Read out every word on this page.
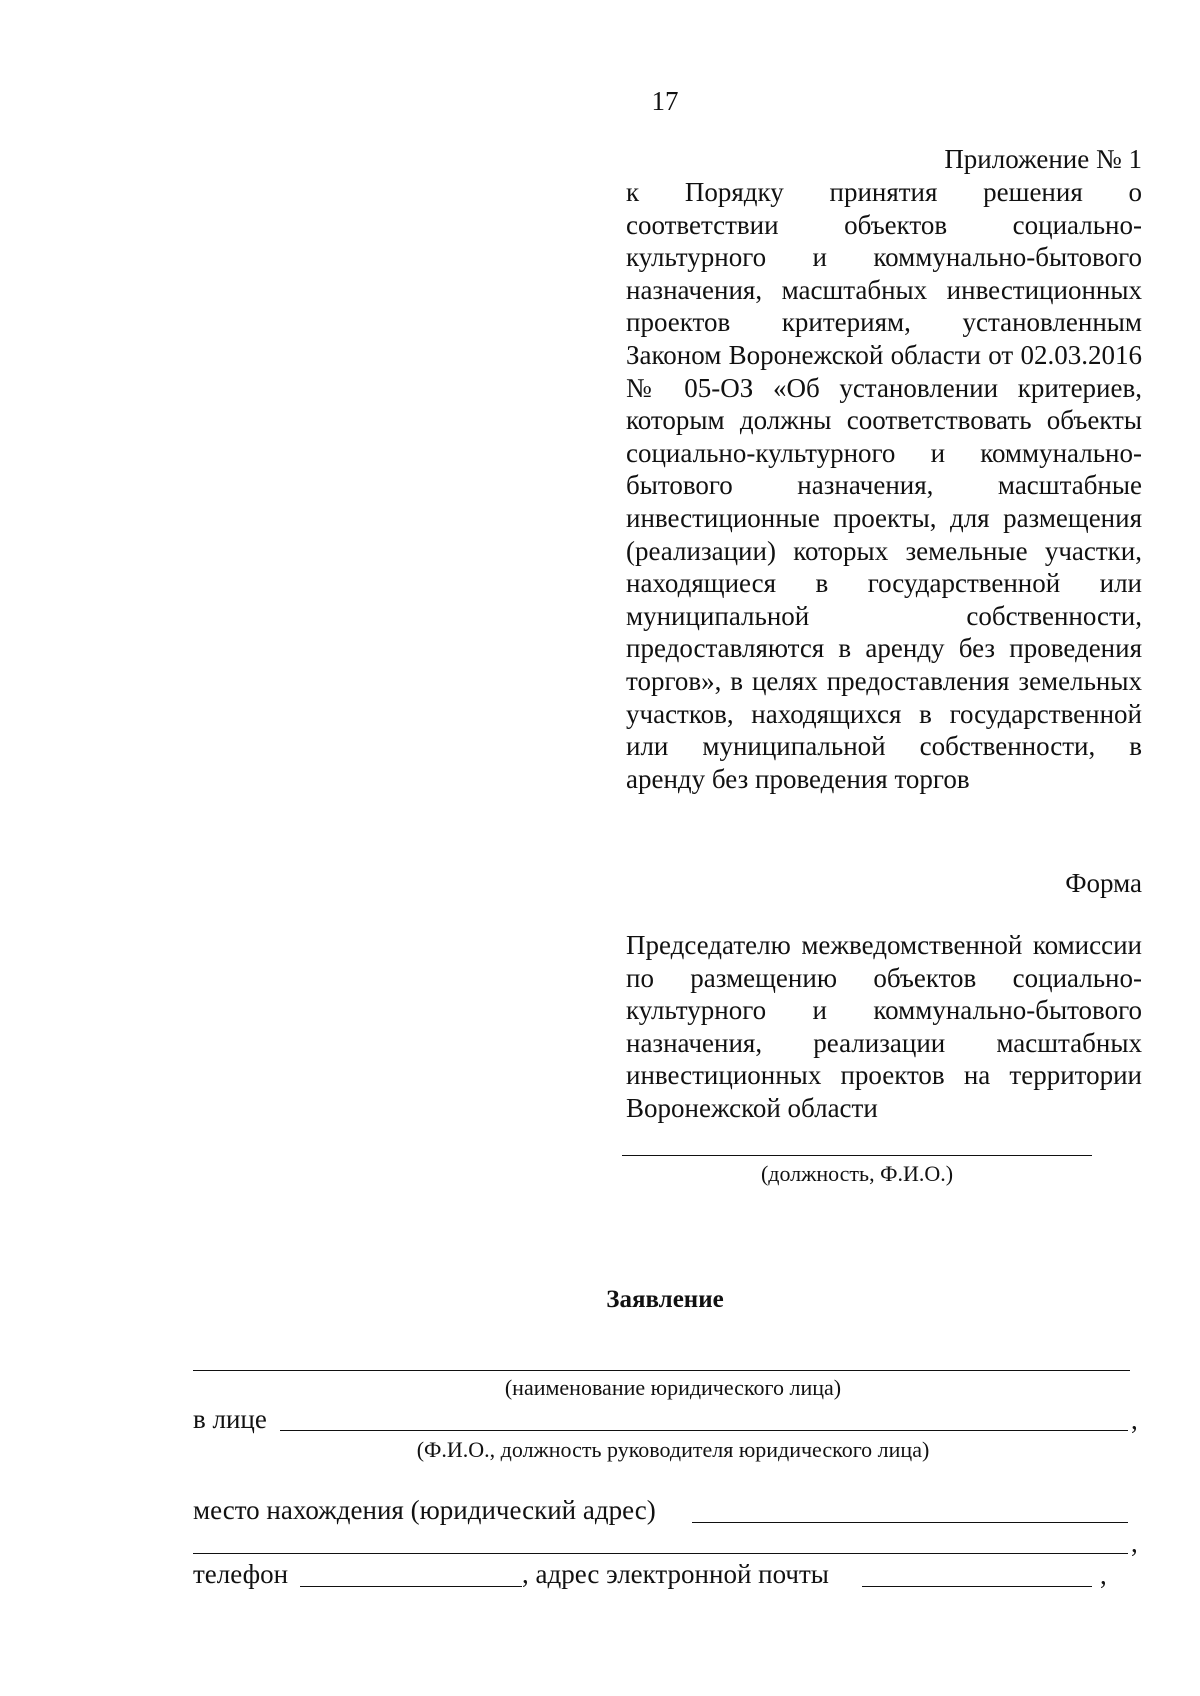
17
Приложение № 1
к Порядку принятия решения о соответствии объектов социально-культурного и коммунально-бытового назначения, масштабных инвестиционных проектов критериям, установленным Законом Воронежской области от 02.03.2016 № 05-ОЗ «Об установлении критериев, которым должны соответствовать объекты социально-культурного и коммунально-бытового назначения, масштабные инвестиционные проекты, для размещения (реализации) которых земельные участки, находящиеся в государственной или муниципальной собственности, предоставляются в аренду без проведения торгов», в целях предоставления земельных участков, находящихся в государственной или муниципальной собственности, в аренду без проведения торгов
Форма
Председателю межведомственной комиссии по размещению объектов социально-культурного и коммунально-бытового назначения, реализации масштабных инвестиционных проектов на территории Воронежской области
(должность, Ф.И.О.)
Заявление
(наименование юридического лица)
в лице	,
(Ф.И.О., должность руководителя юридического лица)
место нахождения (юридический адрес)
,
телефон	, адрес электронной почты	,
